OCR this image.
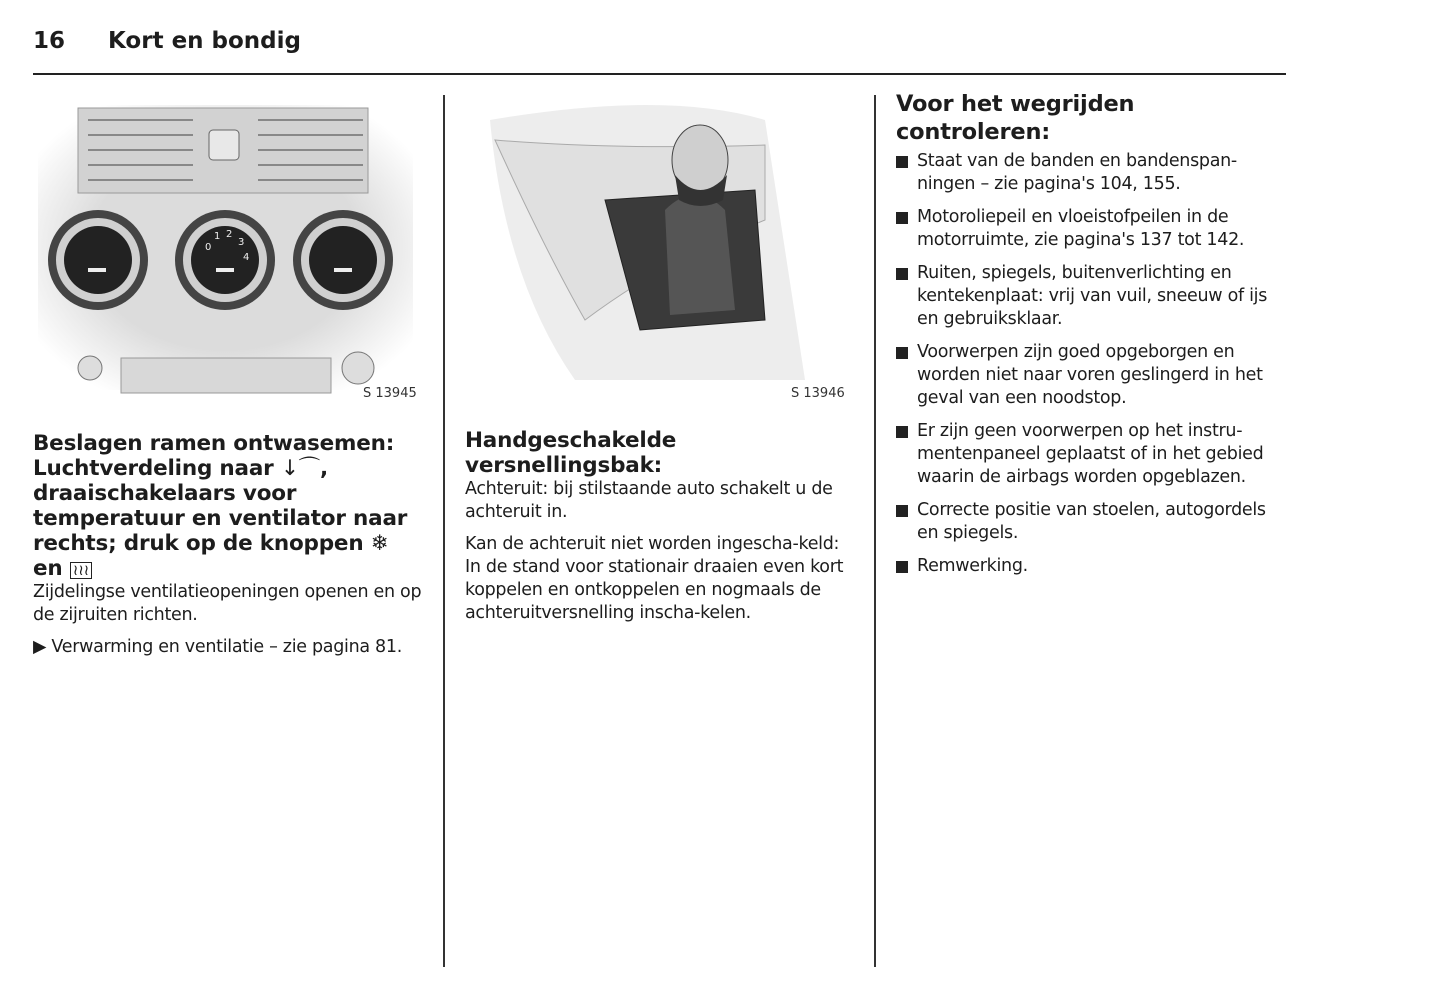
16 Kort en bondig
0
1 2
3
4
S 13945
Beslagen ramen ontwasemen: Luchtverdeling naar ↓⌒, draaischakelaars voor temperatuur en ventilator naar rechts; druk op de knoppen ❄
en ≀≀≀

Zijdelingse ventilatieopeningen openen en op de zijruiten richten.

▶ Verwarming en ventilatie – zie pagina 81.

S 13946
Handgeschakelde versnellingsbak:

Achteruit: bij stilstaande auto schakelt u de achteruit in.

Kan de achteruit niet worden ingescha-keld: In de stand voor stationair draaien even kort koppelen en ontkoppelen en nogmaals de achteruitversnelling inscha-kelen.

Voor het wegrijden controleren:
Staat van de banden en bandenspan-ningen – zie pagina's 104, 155.
Motoroliepeil en vloeistofpeilen in de motorruimte, zie pagina's 137 tot 142.
Ruiten, spiegels, buitenverlichting en kentekenplaat: vrij van vuil, sneeuw of ijs en gebruiksklaar.
Voorwerpen zijn goed opgeborgen en worden niet naar voren geslingerd in het geval van een noodstop.
Er zijn geen voorwerpen op het instru-mentenpaneel geplaatst of in het gebied waarin de airbags worden opgeblazen.
Correcte positie van stoelen, autogordels en spiegels.
Remwerking.
